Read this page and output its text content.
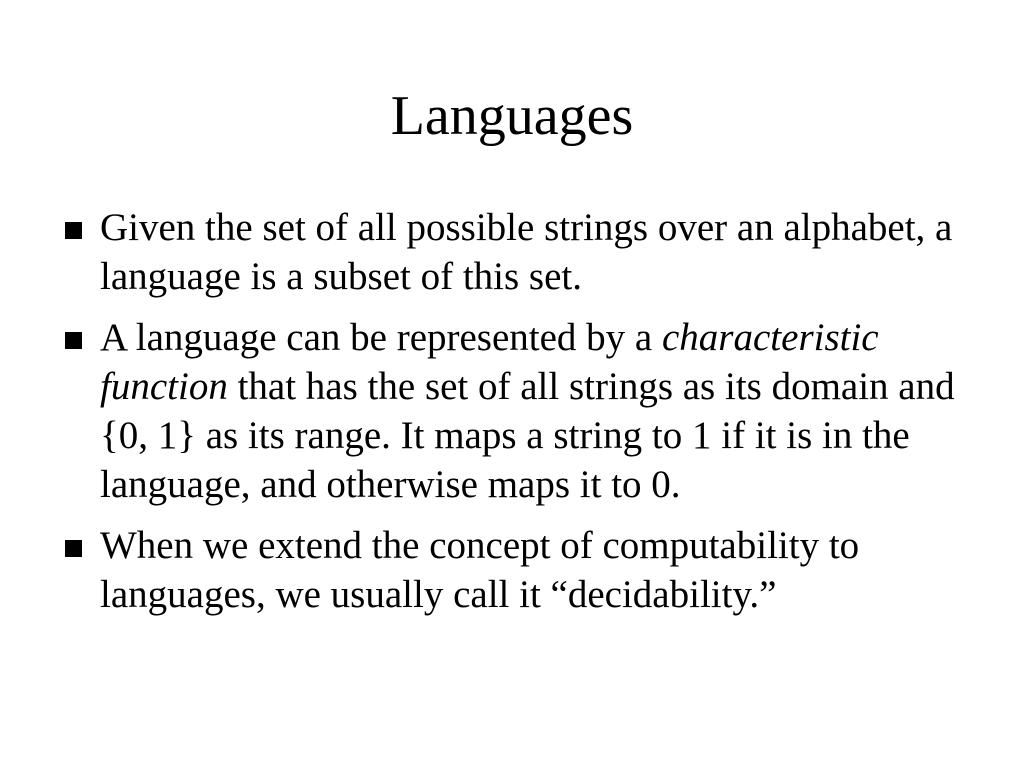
Languages
Given the set of all possible strings over an alphabet, a language is a subset of this set.
A language can be represented by a characteristic function that has the set of all strings as its domain and {0, 1} as its range. It maps a string to 1 if it is in the language, and otherwise maps it to 0.
When we extend the concept of computability to languages, we usually call it “decidability.”
